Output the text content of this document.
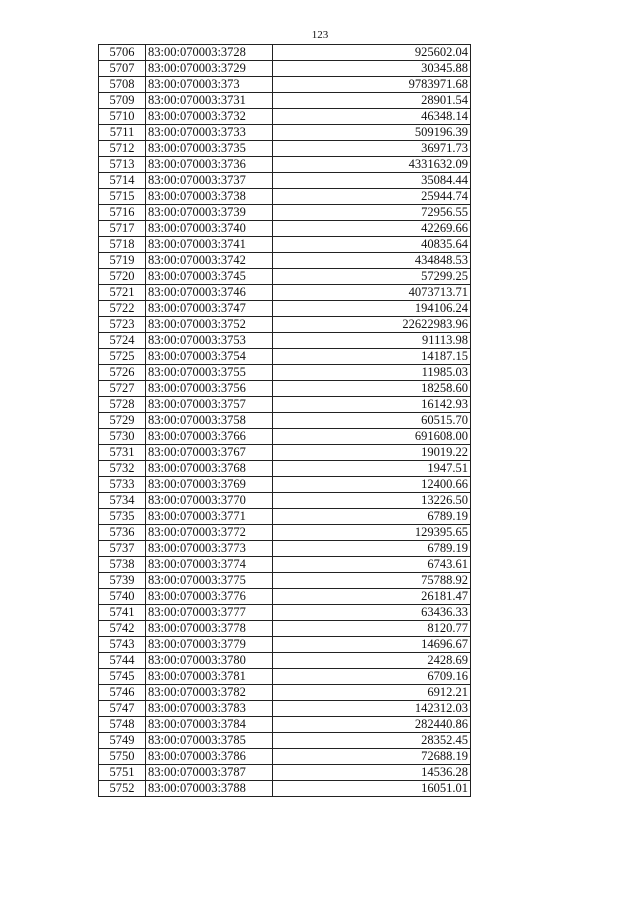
123
5706	83:00:070003:3728	925602.04
5707	83:00:070003:3729	30345.88
5708	83:00:070003:373	9783971.68
5709	83:00:070003:3731	28901.54
5710	83:00:070003:3732	46348.14
5711	83:00:070003:3733	509196.39
5712	83:00:070003:3735	36971.73
5713	83:00:070003:3736	4331632.09
5714	83:00:070003:3737	35084.44
5715	83:00:070003:3738	25944.74
5716	83:00:070003:3739	72956.55
5717	83:00:070003:3740	42269.66
5718	83:00:070003:3741	40835.64
5719	83:00:070003:3742	434848.53
5720	83:00:070003:3745	57299.25
5721	83:00:070003:3746	4073713.71
5722	83:00:070003:3747	194106.24
5723	83:00:070003:3752	22622983.96
5724	83:00:070003:3753	91113.98
5725	83:00:070003:3754	14187.15
5726	83:00:070003:3755	11985.03
5727	83:00:070003:3756	18258.60
5728	83:00:070003:3757	16142.93
5729	83:00:070003:3758	60515.70
5730	83:00:070003:3766	691608.00
5731	83:00:070003:3767	19019.22
5732	83:00:070003:3768	1947.51
5733	83:00:070003:3769	12400.66
5734	83:00:070003:3770	13226.50
5735	83:00:070003:3771	6789.19
5736	83:00:070003:3772	129395.65
5737	83:00:070003:3773	6789.19
5738	83:00:070003:3774	6743.61
5739	83:00:070003:3775	75788.92
5740	83:00:070003:3776	26181.47
5741	83:00:070003:3777	63436.33
5742	83:00:070003:3778	8120.77
5743	83:00:070003:3779	14696.67
5744	83:00:070003:3780	2428.69
5745	83:00:070003:3781	6709.16
5746	83:00:070003:3782	6912.21
5747	83:00:070003:3783	142312.03
5748	83:00:070003:3784	282440.86
5749	83:00:070003:3785	28352.45
5750	83:00:070003:3786	72688.19
5751	83:00:070003:3787	14536.28
5752	83:00:070003:3788	16051.01
